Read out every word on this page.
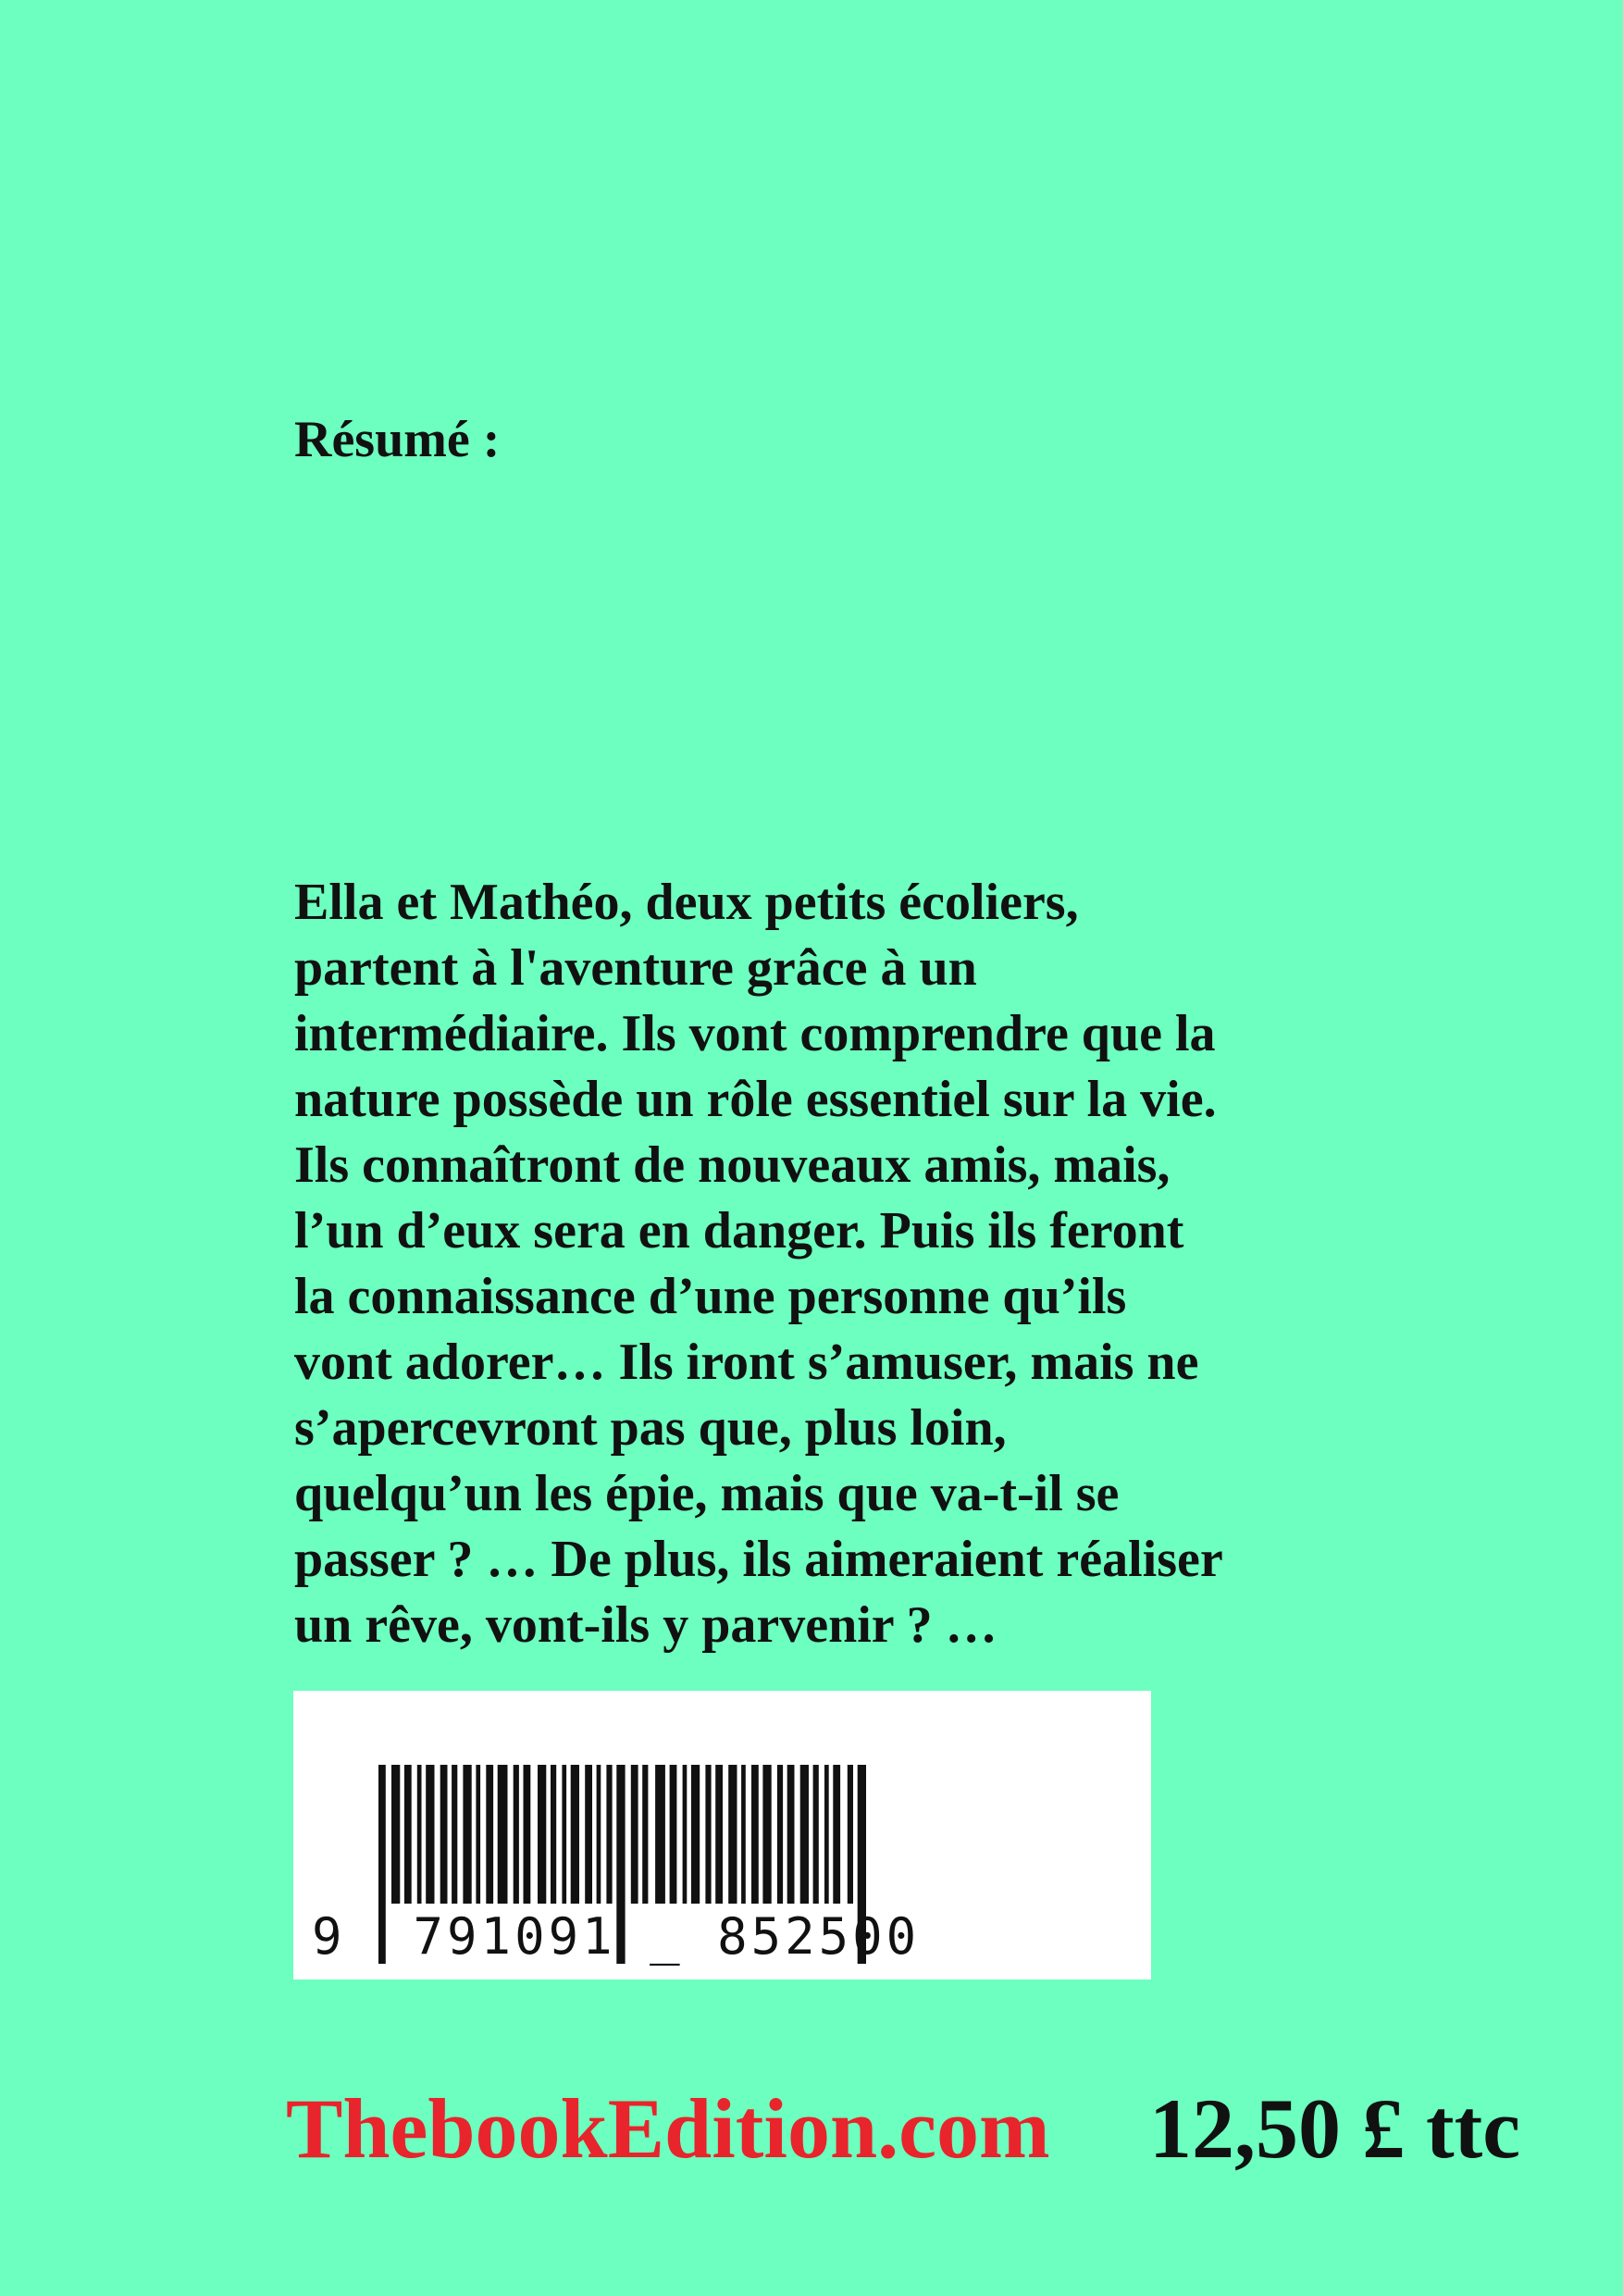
Résumé :
Ella et Mathéo, deux petits écoliers,
partent à l'aventure grâce à un
intermédiaire. Ils vont comprendre que la
nature possède un rôle essentiel sur la vie.
Ils connaîtront de nouveaux amis, mais,
l’un d’eux sera en danger. Puis ils feront
la connaissance d’une personne qu’ils
vont adorer… Ils iront s’amuser, mais ne
s’apercevront pas que, plus loin,
quelqu’un les épie, mais que va-t-il se
passer ? … De plus, ils aimeraient réaliser
un rêve, vont-ils y parvenir ? …
9  791091 _ 852500
ThebookEdition.com 12,50 £ ttc
